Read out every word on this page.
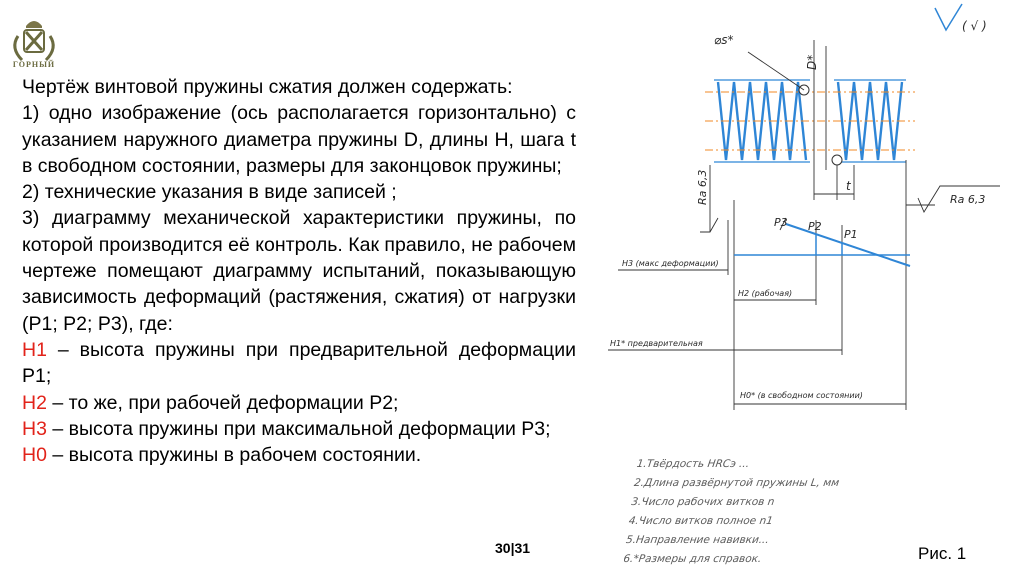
ГОРНЫЙ

Чертёж винтовой пружины сжатия должен содержать:

1) одно изображение (ось располагается горизонтально) с указанием наружного диаметра пружины D, длины H, шага t в свободном состоянии, размеры для законцовок пружины;

2) технические указания в виде записей ;

3) диаграмму механической характеристики пружины, по которой производится её контроль. Как правило, не рабочем чертеже помещают диаграмму испытаний, показывающую зависимость деформаций (растяжения, сжатия) от нагрузки (Р1; Р2; Р3), где:

Н1 – высота пружины при предварительной деформации Р1;

Н2 – то же, при рабочей деформации Р2;

Н3 – высота пружины при максимальной деформации Р3;

Н0 – высота пружины в рабочем состоянии.

30|31
( √ )
⌀s*
D*
t
Ra 6,3	Ra 6,3
P3 P2
P1
H3 (макс деформации)
H2 (рабочая)
H1* предварительная
H0* (в свободном состоянии)
1.Твёрдость HRCэ ...
2.Длина развёрнутой пружины L, мм
3.Число рабочих витков n
4.Число витков полное n1
5.Направление навивки...
6.*Размеры для справок.	Рис. 1
